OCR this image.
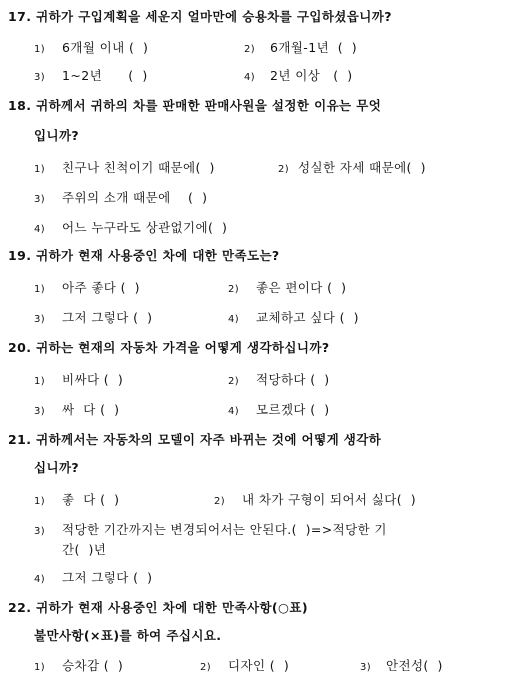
17. 귀하가 구입계획을 세운지 얼마만에 승용차를 구입하셨읍니까?
1) 6개월 이내 (  )	2) 6개월-1년  (  )
3) 1~2년      (  )	4) 2년 이상   (  )
18. 귀하께서 귀하의 차를 판매한 판매사원을 설정한 이유는 무엇
입니까?
1) 친구나 친척이기 때문에(  )	2) 성실한 자세 때문에(  )
3) 주위의 소개 때문에    (  )
4) 어느 누구라도 상관없기에(  )
19. 귀하가 현재 사용중인 차에 대한 만족도는?
1) 아주 좋다 (  )	2) 좋은 편이다 (  )
3) 그저 그렇다 (  )	4) 교체하고 싶다 (  )
20. 귀하는 현재의 자동차 가격을 어떻게 생각하십니까?
1) 비싸다 (  )	2) 적당하다 (  )
3) 싸  다 (  )	4) 모르겠다 (  )
21. 귀하께서는 자동차의 모델이 자주 바뀌는 것에 어떻게 생각하
십니까?
1) 좋  다 (  )	2) 내 차가 구형이 되어서 싫다(  )
3) 적당한 기간까지는 변경되어서는 안된다.(  )=>적당한 기
간(  )년
4) 그저 그렇다 (  )
22. 귀하가 현재 사용중인 차에 대한 만족사항(○표)
불만사항(×표)를 하여 주십시요.
1) 승차감 (  )	2) 디자인 (  )	3) 안전성(  )
